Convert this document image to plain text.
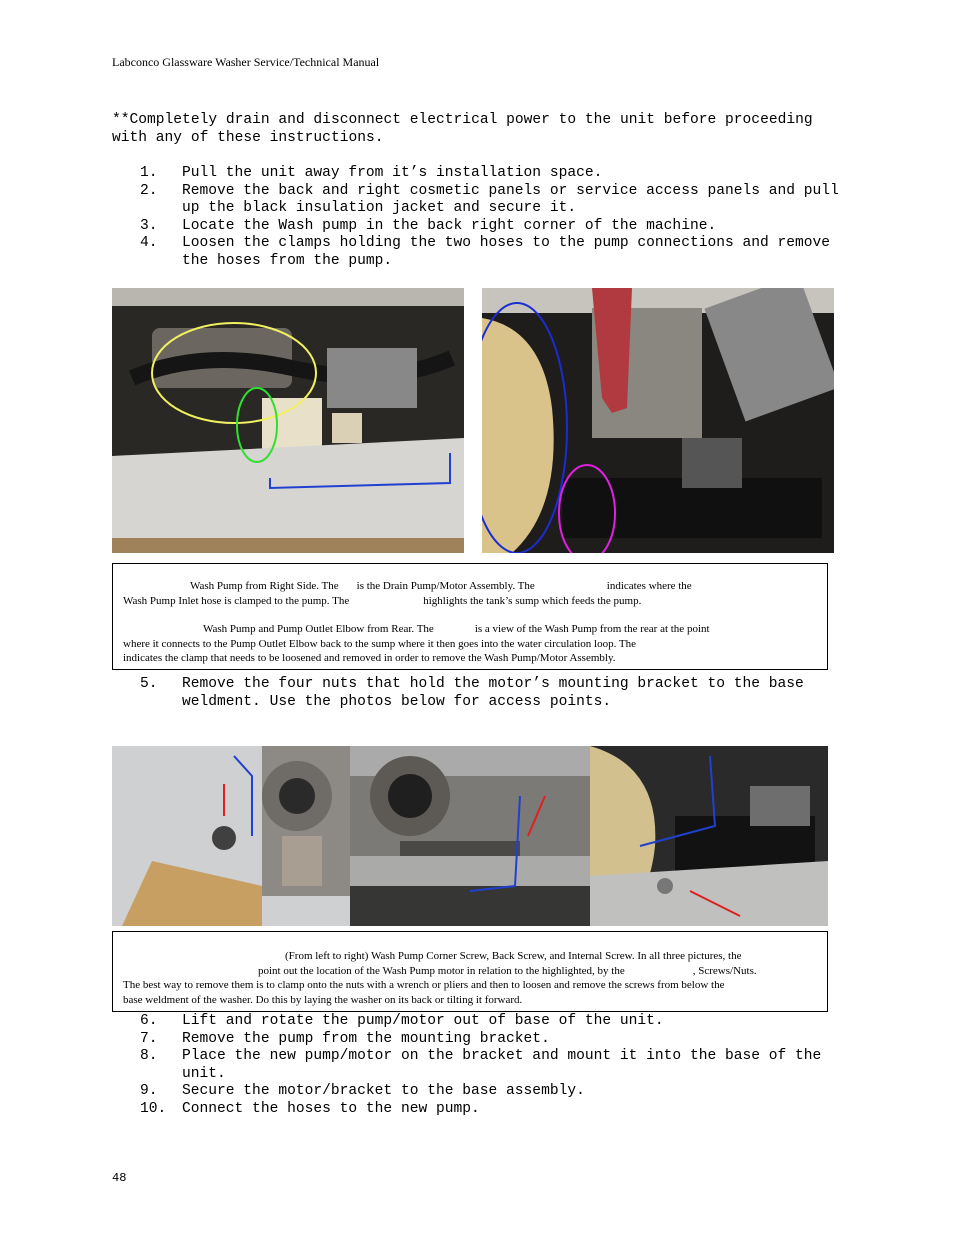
Labconco Glassware Washer Service/Technical Manual
**Completely drain and disconnect electrical power to the unit before proceeding with any of these instructions.
1. Pull the unit away from it’s installation space.
2. Remove the back and right cosmetic panels or service access panels and pull up the black insulation jacket and secure it.
3. Locate the Wash pump in the back right corner of the machine.
4. Loosen the clamps holding the two hoses to the pump connections and remove the hoses from the pump.

Wash Pump from Right Side. The is the Drain Pump/Motor Assembly. The	indicates where the

Wash Pump Inlet hose is clamped to the pump. The	highlights the tank’s sump which feeds the pump.

Wash Pump and Pump Outlet Elbow from Rear. The	is a view of the Wash Pump from the rear at the point

where it connects to the Pump Outlet Elbow back to the sump where it then goes into the water circulation loop. The

indicates the clamp that needs to be loosened and removed in order to remove the Wash Pump/Motor Assembly.

5. Remove the four nuts that hold the motor’s mounting bracket to the base weldment. Use the photos below for access points.

(From left to right) Wash Pump Corner Screw, Back Screw, and Internal Screw. In all three pictures, the

point out the location of the Wash Pump motor in relation to the highlighted, by the	, Screws/Nuts.

The best way to remove them is to clamp onto the nuts with a wrench or pliers and then to loosen and remove the screws from below the

base weldment of the washer. Do this by laying the washer on its back or tilting it forward.

6. Lift and rotate the pump/motor out of base of the unit.
7. Remove the pump from the mounting bracket.
8. Place the new pump/motor on the bracket and mount it into the base of the unit.
9. Secure the motor/bracket to the base assembly.
10. Connect the hoses to the new pump.
48
